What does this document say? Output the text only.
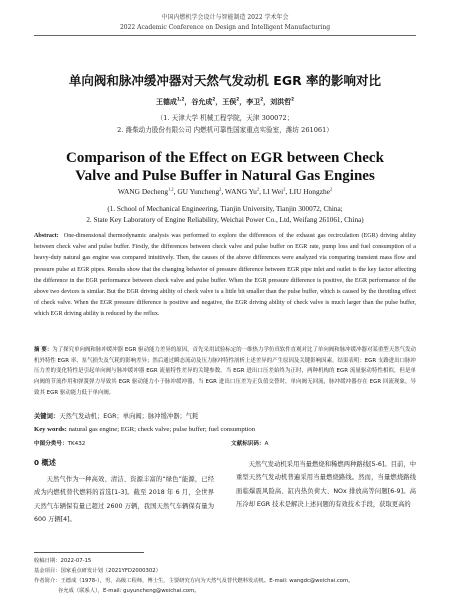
中国内燃机学会设计与智能制造 2022 学术年会
2022 Academic Conference on Design and Intelligent Manufacturing
单向阀和脉冲缓冲器对天然气发动机 EGR 率的影响对比
王德成$^{1,2}$，谷允成$^2$，王俣$^2$，李卫$^2$，刘洪哲$^2$
（1. 天津大学 机械工程学院，天津 300072；
2. 潍柴动力股份有限公司 内燃机可靠性国家重点实验室，潍坊 261061）
Comparison of the Effect on EGR between Check
Valve and Pulse Buffer in Natural Gas Engines
WANG Decheng$^{1,2}$, GU Yuncheng$^2$, WANG Yu$^2$, LI Wei$^2$, LIU Hongzhe$^2$
(1. School of Mechanical Engineering, Tianjin University, Tianjin 300072, China;
2. State Key Laboratory of Engine Reliability, Weichai Power Co., Ltd, Weifang 261061, China)

Abstract: One-dimensional thermodynamic analysis was performed to explore the differences of the exhaust gas recirculation (EGR) driving ability between check valve and pulse buffer. Firstly, the differences between check valve and pulse buffer on EGR rate, pump loss and fuel consumption of a heavy-duty natural gas engine was compared intuitively. Then, the causes of the above differences were analyzed via comparing transient mass flow and pressure pulse at EGR pipes. Results show that the changing behavior of pressure difference between EGR pipe inlet and outlet is the key factor affecting the difference in the EGR performance between check valve and pulse buffer. When the EGR pressure difference is positive, the EGR performance of the above two devices is similar. But the EGR driving ability of check valve is a little bit smaller than the pulse buffer, which is caused by the throttling effect of check valve. When the EGR pressure difference is positive and negative, the EGR driving ability of check valve is much larger than the pulse buffer, which EGR driving ability is reduced by the reflux.

摘 要：为了探究单向阀和脉冲缓冲器 EGR 驱动能力差异的原因，首先采用试验标定的一维热力学仿真软件直观对比了单向阀和脉冲缓冲器对某重型天然气发动机外特性 EGR 率、泵气损失及气耗的影响差异；然后通过瞬态流动及压力脉冲特性剖析上述差异的产生原因及关键影响因素。结果表明：EGR 支路进出口脉冲压力差的变化特性是引起单向阀与脉冲缓冲器 EGR 流量特性差异的关键参数。当 EGR 进出口压差始终为正时，两种机构的 EGR 流量驱动特性相似，但是单向阀的节流作用和弹簧弹力导致其 EGR 驱动能力小于脉冲缓冲器，当 EGR 进出口压差为正负值交替时，单向阀无回流，脉冲缓冲器存在 EGR 回流现象，导致其 EGR 驱动能力低于单向阀。

关键词：天然气发动机；EGR；单向阀；脉冲缓冲器；气耗
Key words: natural gas engine; EGR; check valve; pulse buffer; fuel consumption
中图分类号：TK432	文献标识码：A
0 概述

天然气作为一种高效、清洁、资源丰富的“绿色”能源，已经成为内燃机替代燃料的首选[1-3]。截至 2018 年 6 月，全世界天然气车辆保有量已超过 2600 万辆，我国天然气车辆保有量为 600 万辆[4]。

天然气发动机采用当量燃烧和稀燃两种路线[5-6]。目前，中重型天然气发动机普遍采用当量燃烧路线。然而，当量燃烧路线面临爆震风险高、缸内热负荷大、NOx 排放高等问题[6-9]。高压冷却 EGR 技术是解决上述问题的有效技术手段，获取更高的

收稿日期：2022-07-15
基金项目：国家重点研发计划（2021YFD2000302）
作者简介：王德成（1978-），男，高级工程师，博士生，主要研究方向为天然气及替代燃料发动机。E-mail: wangdc@weichai.com。
谷允成（联系人），E-mail: guyuncheng@weichai.com。
